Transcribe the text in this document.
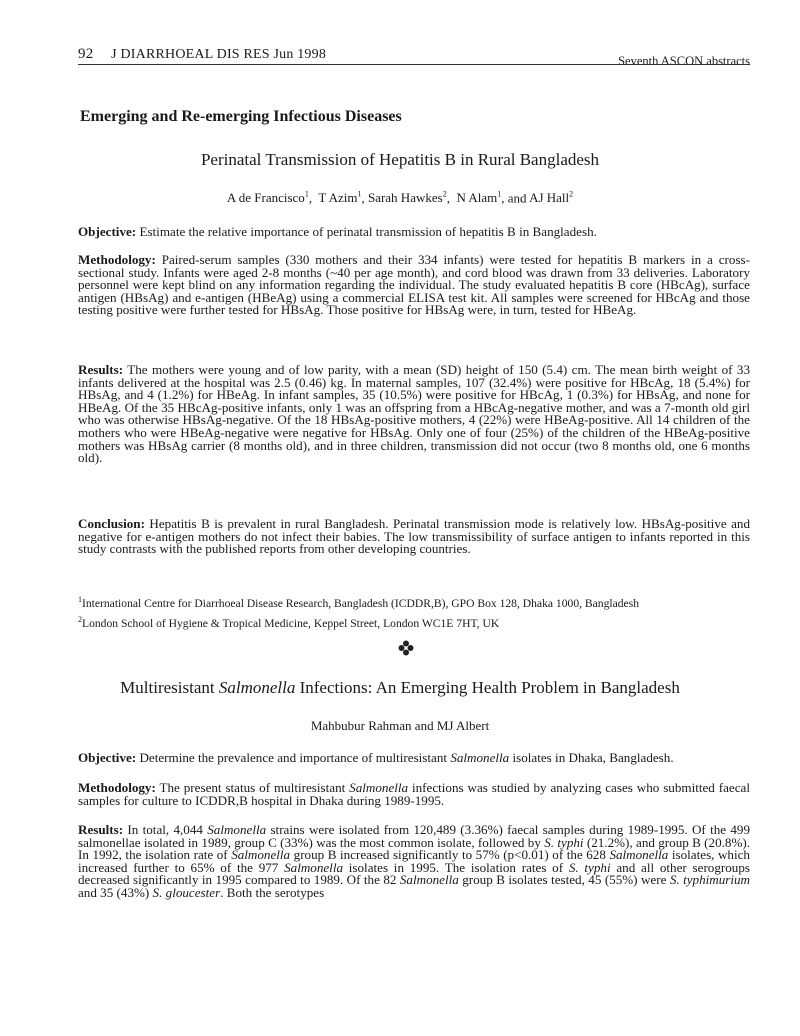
92 J DIARRHOEAL DIS RES Jun 1998	Seventh ASCON abstracts
Emerging and Re-emerging Infectious Diseases
Perinatal Transmission of Hepatitis B in Rural Bangladesh
A de Francisco$^1$,  T Azim$^1$, Sarah Hawkes$^2$,  N Alam$^1$, and AJ Hall$^2$
Objective: Estimate the relative importance of perinatal transmission of hepatitis B in Bangladesh.
Methodology: Paired-serum samples (330 mothers and their 334 infants) were tested for hepatitis B markers in a cross-sectional study. Infants were aged 2-8 months (~40 per age month), and cord blood was drawn from 33 deliveries. Laboratory personnel were kept blind on any information regarding the individual. The study evaluated hepatitis B core (HBcAg), surface antigen (HBsAg) and e-antigen (HBeAg) using a commercial ELISA test kit. All samples were screened for HBcAg and those testing positive were further tested for HBsAg. Those positive for HBsAg were, in turn, tested for HBeAg.
Results: The mothers were young and of low parity, with a mean (SD) height of 150 (5.4) cm. The mean birth weight of 33 infants delivered at the hospital was 2.5 (0.46) kg. In maternal samples, 107 (32.4%) were positive for HBcAg, 18 (5.4%) for HBsAg, and 4 (1.2%) for HBeAg. In infant samples, 35 (10.5%) were positive for HBcAg, 1 (0.3%) for HBsAg, and none for HBeAg. Of the 35 HBcAg-positive infants, only 1 was an offspring from a HBcAg-negative mother, and was a 7-month old girl who was otherwise HBsAg-negative. Of the 18 HBsAg-positive mothers, 4 (22%) were HBeAg-positive. All 14 children of the mothers who were HBeAg-negative were negative for HBsAg. Only one of four (25%) of the children of the HBeAg-positive mothers was HBsAg carrier (8 months old), and in three children, transmission did not occur (two 8 months old, one 6 months old).
Conclusion: Hepatitis B is prevalent in rural Bangladesh. Perinatal transmission mode is relatively low. HBsAg-positive and negative for e-antigen mothers do not infect their babies. The low transmissibility of surface antigen to infants reported in this study contrasts with the published reports from other developing countries.
$^1$International Centre for Diarrhoeal Disease Research, Bangladesh (ICDDR,B), GPO Box 128, Dhaka 1000, Bangladesh
$^2$London School of Hygiene & Tropical Medicine, Keppel Street, London WC1E 7HT, UK
Multiresistant Salmonella Infections: An Emerging Health Problem in Bangladesh
Mahbubur Rahman and MJ Albert
Objective: Determine the prevalence and importance of multiresistant Salmonella isolates in Dhaka, Bangladesh.
Methodology: The present status of multiresistant Salmonella infections was studied by analyzing cases who submitted faecal samples for culture to ICDDR,B hospital in Dhaka during 1989-1995.
Results: In total, 4,044 Salmonella strains were isolated from 120,489 (3.36%) faecal samples during 1989-1995. Of the 499 salmonellae isolated in 1989, group C (33%) was the most common isolate, followed by S. typhi (21.2%), and group B (20.8%). In 1992, the isolation rate of Salmonella group B increased significantly to 57% (p<0.01) of the 628 Salmonella isolates, which increased further to 65% of the 977 Salmonella isolates in 1995. The isolation rates of S. typhi and all other serogroups decreased significantly in 1995 compared to 1989. Of the 82 Salmonella group B isolates tested, 45 (55%) were S. typhimurium and 35 (43%) S. gloucester. Both the serotypes
